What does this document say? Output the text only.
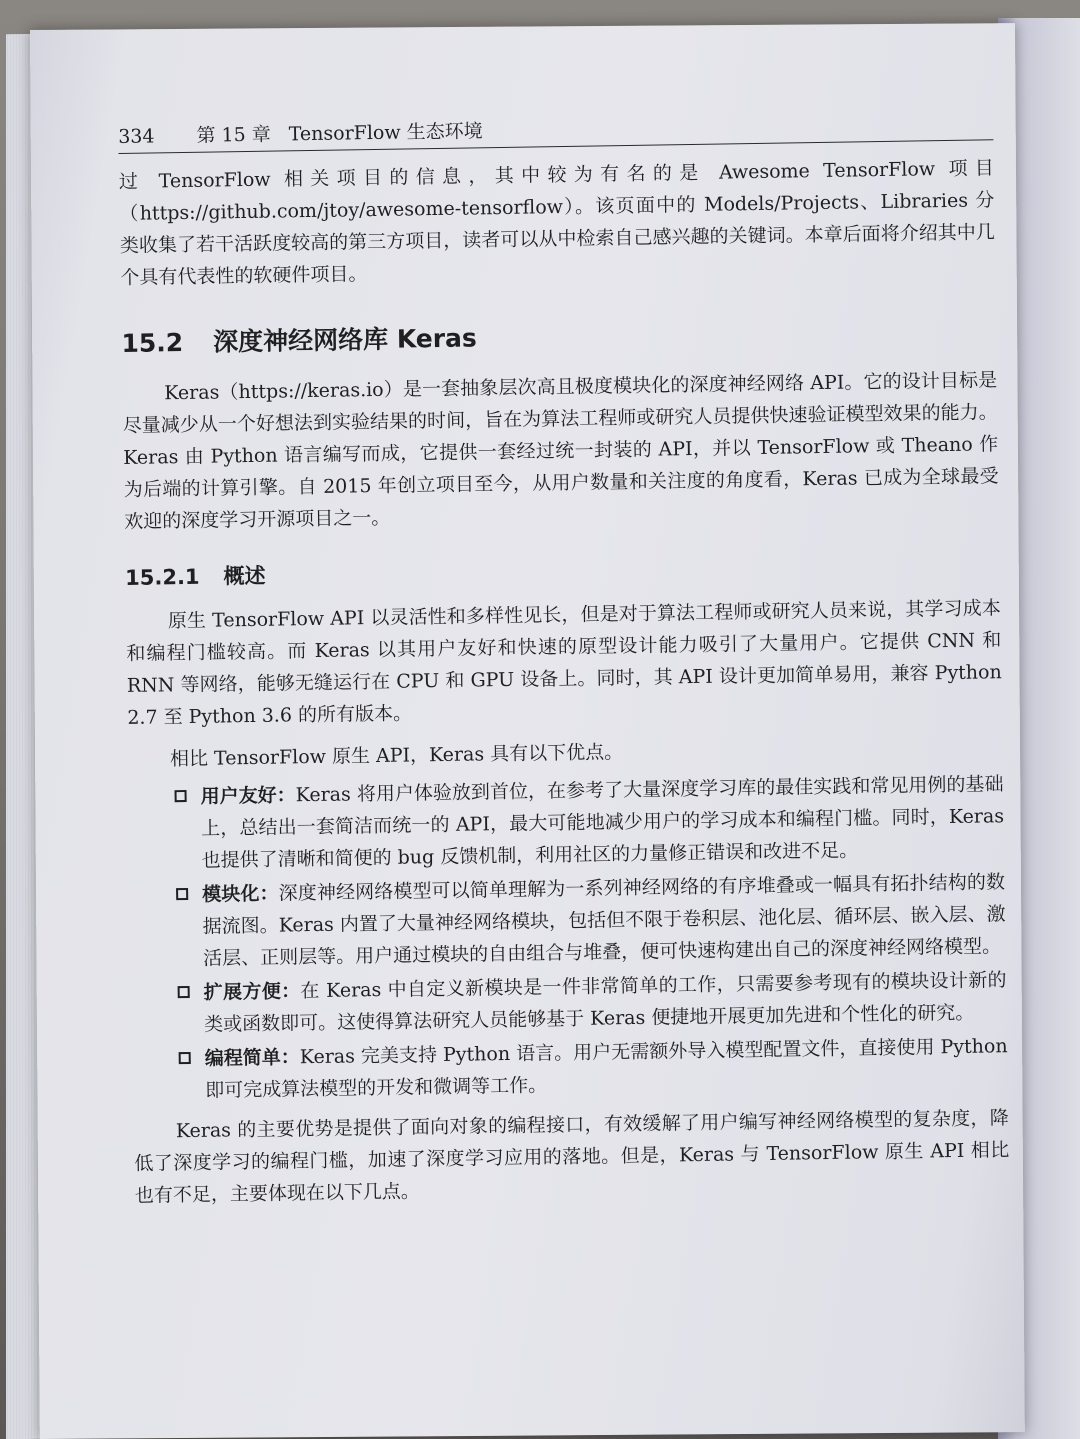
334 第 15 章 TensorFlow 生态环境

过 TensorFlow 相关项目的信息，其中较为有名的是 Awesome TensorFlow 项目（https://github.com/jtoy/awesome-tensorflow）。该页面中的 Models/Projects、Libraries 分类收集了若干活跃度较高的第三方项目，读者可以从中检索自己感兴趣的关键词。本章后面将介绍其中几个具有代表性的软硬件项目。

15.2 深度神经网络库 Keras

Keras（https://keras.io）是一套抽象层次高且极度模块化的深度神经网络 API。它的设计目标是尽量减少从一个好想法到实验结果的时间，旨在为算法工程师或研究人员提供快速验证模型效果的能力。Keras 由 Python 语言编写而成，它提供一套经过统一封装的 API，并以 TensorFlow 或 Theano 作为后端的计算引擎。自 2015 年创立项目至今，从用户数量和关注度的角度看，Keras 已成为全球最受欢迎的深度学习开源项目之一。

15.2.1 概述

原生 TensorFlow API 以灵活性和多样性见长，但是对于算法工程师或研究人员来说，其学习成本和编程门槛较高。而 Keras 以其用户友好和快速的原型设计能力吸引了大量用户。它提供 CNN 和 RNN 等网络，能够无缝运行在 CPU 和 GPU 设备上。同时，其 API 设计更加简单易用，兼容 Python 2.7 至 Python 3.6 的所有版本。

相比 TensorFlow 原生 API，Keras 具有以下优点。

用户友好：Keras 将用户体验放到首位，在参考了大量深度学习库的最佳实践和常见用例的基础上，总结出一套简洁而统一的 API，最大可能地减少用户的学习成本和编程门槛。同时，Keras 也提供了清晰和简便的 bug 反馈机制，利用社区的力量修正错误和改进不足。
模块化：深度神经网络模型可以简单理解为一系列神经网络的有序堆叠或一幅具有拓扑结构的数据流图。Keras 内置了大量神经网络模块，包括但不限于卷积层、池化层、循环层、嵌入层、激活层、正则层等。用户通过模块的自由组合与堆叠，便可快速构建出自己的深度神经网络模型。
扩展方便：在 Keras 中自定义新模块是一件非常简单的工作，只需要参考现有的模块设计新的类或函数即可。这使得算法研究人员能够基于 Keras 便捷地开展更加先进和个性化的研究。
编程简单：Keras 完美支持 Python 语言。用户无需额外导入模型配置文件，直接使用 Python 即可完成算法模型的开发和微调等工作。

Keras 的主要优势是提供了面向对象的编程接口，有效缓解了用户编写神经网络模型的复杂度，降低了深度学习的编程门槛，加速了深度学习应用的落地。但是，Keras 与 TensorFlow 原生 API 相比也有不足，主要体现在以下几点。
